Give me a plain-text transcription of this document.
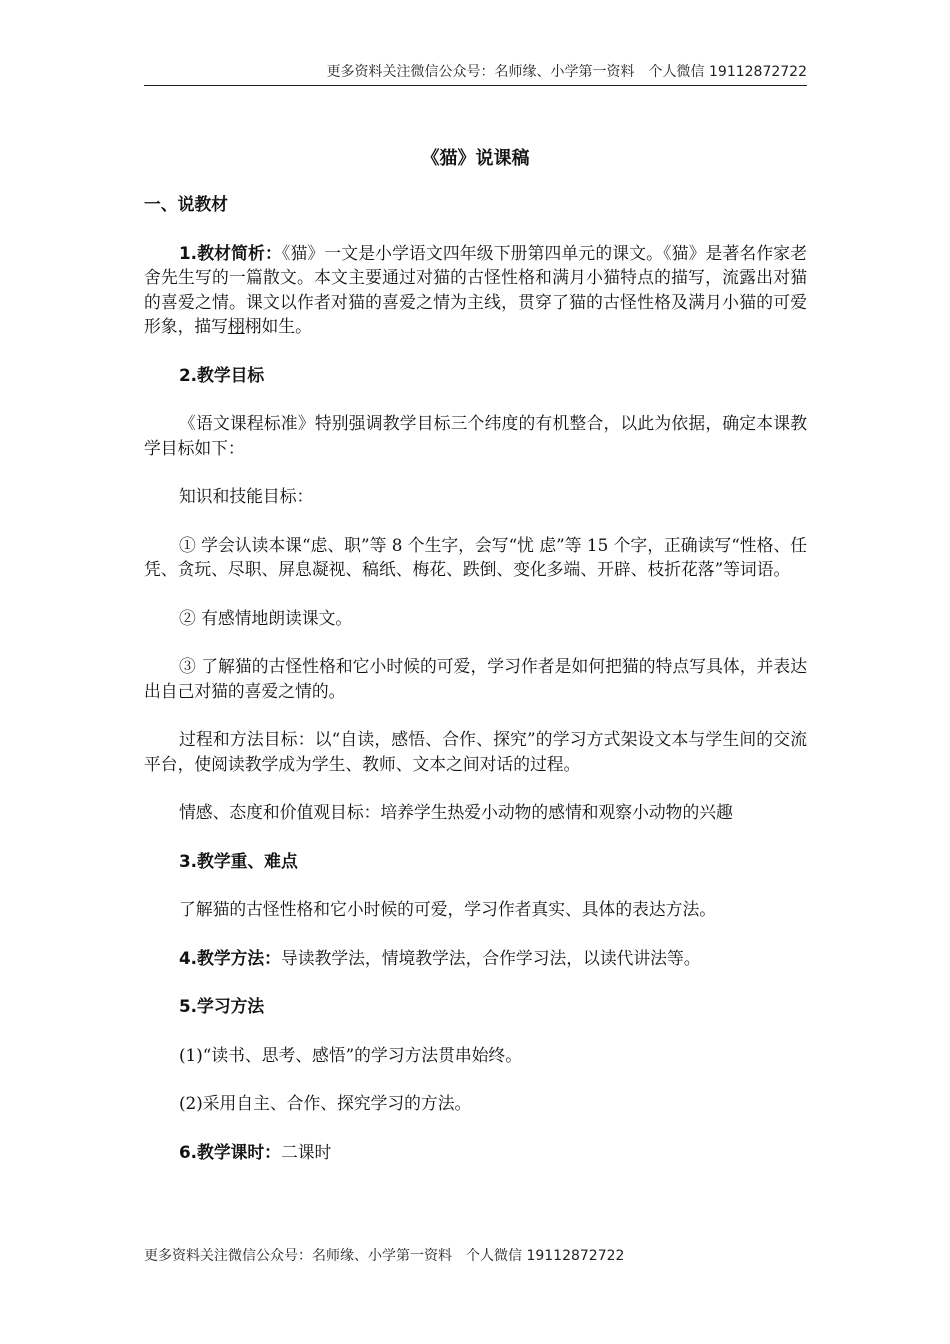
更多资料关注微信公众号：名师缘、小学第一资料　个人微信 19112872722
《猫》说课稿

一、说教材

1.教材简析：《猫》一文是小学语文四年级下册第四单元的课文。《猫》是著名作家老舍先生写的一篇散文。本文主要通过对猫的古怪性格和满月小猫特点的描写，流露出对猫的喜爱之情。课文以作者对猫的喜爱之情为主线，贯穿了猫的古怪性格及满月小猫的可爱形象，描写栩栩如生。

2.教学目标

《语文课程标准》特别强调教学目标三个纬度的有机整合，以此为依据，确定本课教学目标如下：

知识和技能目标：

① 学会认读本课“虑、职”等 8 个生字，会写“忧 虑”等 15 个字，正确读写“性格、任凭、贪玩、尽职、屏息凝视、稿纸、梅花、跌倒、变化多端、开辟、枝折花落”等词语。

② 有感情地朗读课文。

③ 了解猫的古怪性格和它小时候的可爱，学习作者是如何把猫的特点写具体，并表达出自己对猫的喜爱之情的。

过程和方法目标：以“自读，感悟、合作、探究”的学习方式架设文本与学生间的交流平台，使阅读教学成为学生、教师、文本之间对话的过程。

情感、态度和价值观目标：培养学生热爱小动物的感情和观察小动物的兴趣

3.教学重、难点

了解猫的古怪性格和它小时候的可爱，学习作者真实、具体的表达方法。

4.教学方法：导读教学法，情境教学法，合作学习法，以读代讲法等。

5.学习方法

(1)“读书、思考、感悟”的学习方法贯串始终。

(2)采用自主、合作、探究学习的方法。

6.教学课时：二课时

更多资料关注微信公众号：名师缘、小学第一资料　个人微信 19112872722
